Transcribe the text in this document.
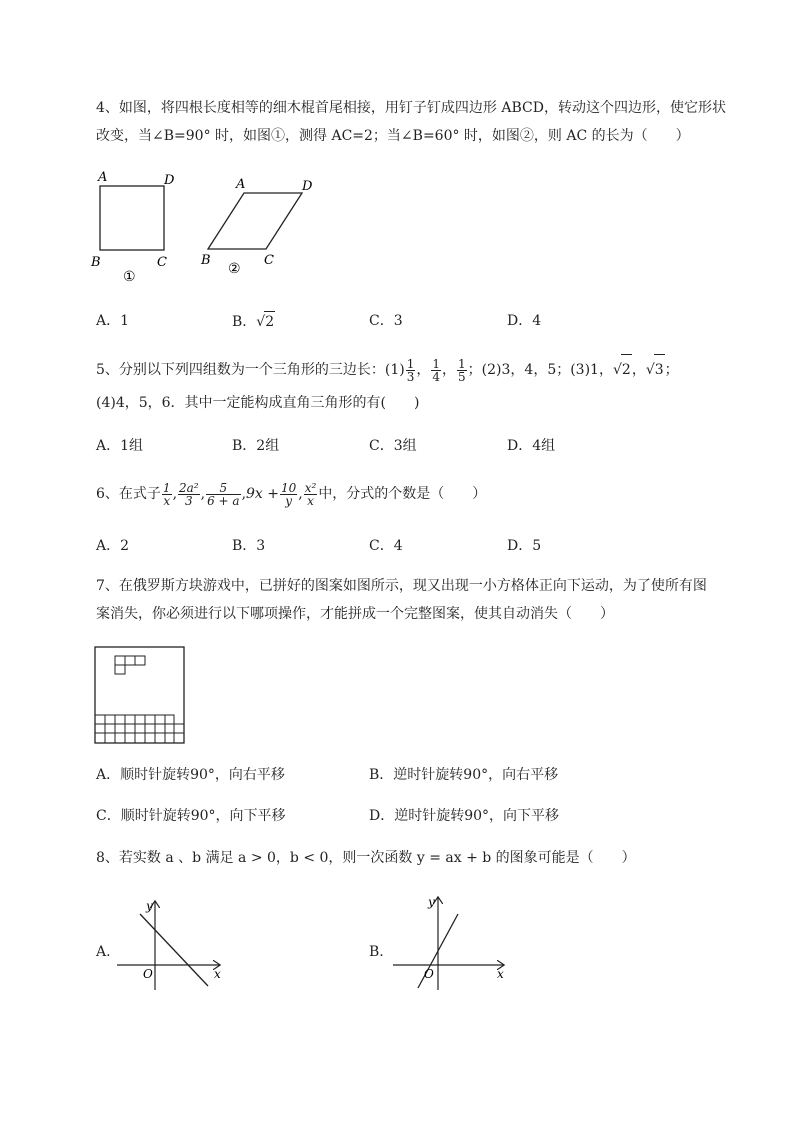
4、如图，将四根长度相等的细木棍首尾相接，用钉子钉成四边形 ABCD，转动这个四边形，使它形状
改变，当∠B=90° 时，如图①，测得 AC=2；当∠B=60° 时，如图②，则 AC 的长为（　　）
A	D
B	C
①
A	D
B	C
②
A．1	B．√2	C．3	D．4
5、分别以下列四组数为一个三角形的三边长：$(1) \frac{1}{3}$ ， $\frac{1}{4}$ ， $\frac{1}{5}$ ；(2)3，4，5；(3)1，√2，√3；
(4)4，5，6．其中一定能构成直角三角形的有(　　)
A．1组	B．2组	C．3组	D．4组
6、在式子 $\frac{1}{x}$ , $\frac{\text{2a²}}{3}$ , $\frac{5}{6 + a} ,9x + \frac{10}{y}$ , $\frac{\text{x²}}{x}$ 中，分式的个数是（　　）
A．2	B．3	C．4	D．5
7、在俄罗斯方块游戏中，已拼好的图案如图所示，现又出现一小方格体正向下运动，为了使所有图
案消失，你必须进行以下哪项操作，才能拼成一个完整图案，使其自动消失（　　）
A．顺时针旋转90°，向右平移	B．逆时针旋转90°，向右平移
C．顺时针旋转90°，向下平移	D．逆时针旋转90°，向下平移
8、若实数 a 、b 满足 a > 0，b < 0，则一次函数 y = ax + b 的图象可能是（　　）
A.
y
x
O
B.
y
x
O
